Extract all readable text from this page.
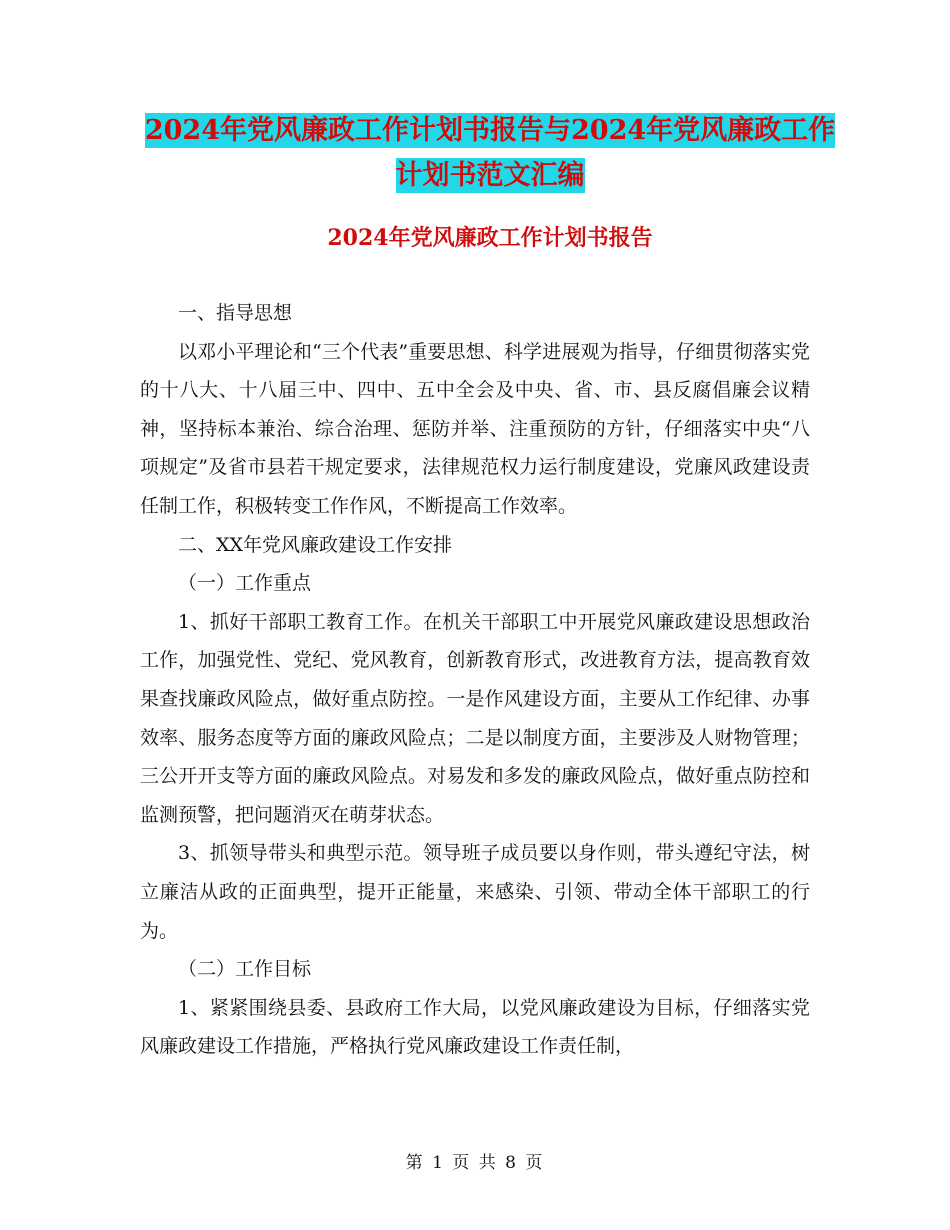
2024年党风廉政工作计划书报告与2024年党风廉政工作计划书范文汇编
2024年党风廉政工作计划书报告

一、指导思想

以邓小平理论和“三个代表”重要思想、科学进展观为指导，仔细贯彻落实党的十八大、十八届三中、四中、五中全会及中央、省、市、县反腐倡廉会议精神，坚持标本兼治、综合治理、惩防并举、注重预防的方针，仔细落实中央“八项规定”及省市县若干规定要求，法律规范权力运行制度建设，党廉风政建设责任制工作，积极转变工作作风，不断提高工作效率。

二、XX年党风廉政建设工作安排

（一）工作重点

1、抓好干部职工教育工作。在机关干部职工中开展党风廉政建设思想政治工作，加强党性、党纪、党风教育，创新教育形式，改进教育方法，提高教育效果查找廉政风险点，做好重点防控。一是作风建设方面，主要从工作纪律、办事效率、服务态度等方面的廉政风险点；二是以制度方面，主要涉及人财物管理；三公开开支等方面的廉政风险点。对易发和多发的廉政风险点，做好重点防控和监测预警，把问题消灭在萌芽状态。

3、抓领导带头和典型示范。领导班子成员要以身作则，带头遵纪守法，树立廉洁从政的正面典型，提开正能量，来感染、引领、带动全体干部职工的行为。

（二）工作目标

1、紧紧围绕县委、县政府工作大局，以党风廉政建设为目标，仔细落实党风廉政建设工作措施，严格执行党风廉政建设工作责任制，

第 1 页 共 8 页
